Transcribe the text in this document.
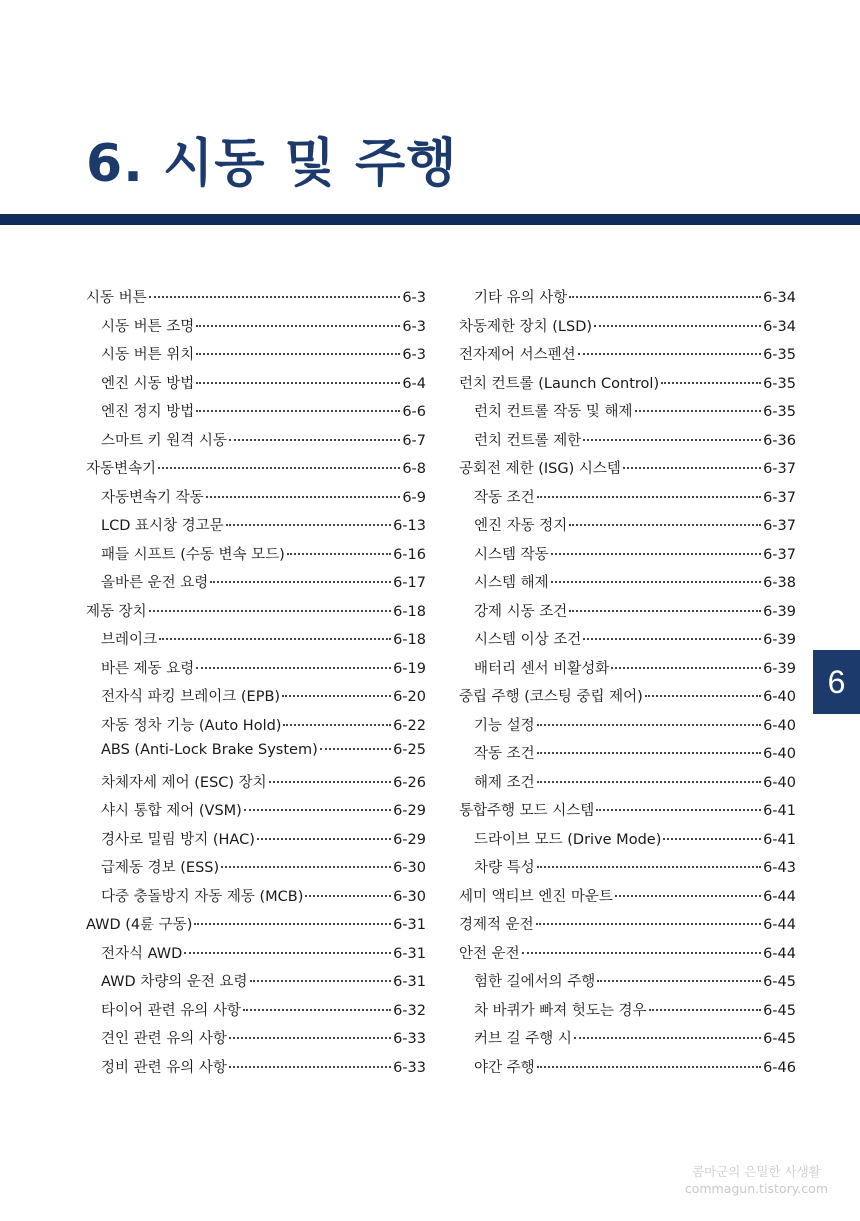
6. 시동 및 주행
시동 버튼	6-3
시동 버튼 조명	6-3
시동 버튼 위치	6-3
엔진 시동 방법	6-4
엔진 정지 방법	6-6
스마트 키 원격 시동	6-7
자동변속기	6-8
자동변속기 작동	6-9
LCD 표시창 경고문	6-13
패들 시프트 (수동 변속 모드)	6-16
올바른 운전 요령	6-17
제동 장치	6-18
브레이크	6-18
바른 제동 요령	6-19
전자식 파킹 브레이크 (EPB)	6-20
자동 정차 기능 (Auto Hold)	6-22
ABS (Anti-Lock Brake System)	6-25
차체자세 제어 (ESC) 장치	6-26
샤시 통합 제어 (VSM)	6-29
경사로 밀림 방지 (HAC)	6-29
급제동 경보 (ESS)	6-30
다중 충돌방지 자동 제동 (MCB)	6-30
AWD (4륜 구동)	6-31
전자식 AWD	6-31
AWD 차량의 운전 요령	6-31
타이어 관련 유의 사항	6-32
견인 관련 유의 사항	6-33
정비 관련 유의 사항	6-33
기타 유의 사항	6-34
차동제한 장치 (LSD)	6-34
전자제어 서스펜션	6-35
런치 컨트롤 (Launch Control)	6-35
런치 컨트롤 작동 및 해제	6-35
런치 컨트롤 제한	6-36
공회전 제한 (ISG) 시스템	6-37
작동 조건	6-37
엔진 자동 정지	6-37
시스템 작동	6-37
시스템 해제	6-38
강제 시동 조건	6-39
시스템 이상 조건	6-39
배터리 센서 비활성화	6-39
중립 주행 (코스팅 중립 제어)	6-40
기능 설정	6-40
작동 조건	6-40
해제 조건	6-40
통합주행 모드 시스템	6-41
드라이브 모드 (Drive Mode)	6-41
차량 특성	6-43
세미 액티브 엔진 마운트	6-44
경제적 운전	6-44
안전 운전	6-44
험한 길에서의 주행	6-45
차 바퀴가 빠져 헛도는 경우	6-45
커브 길 주행 시	6-45
야간 주행	6-46
6
콤마군의 은밀한 사생활
commagun.tistory.com
